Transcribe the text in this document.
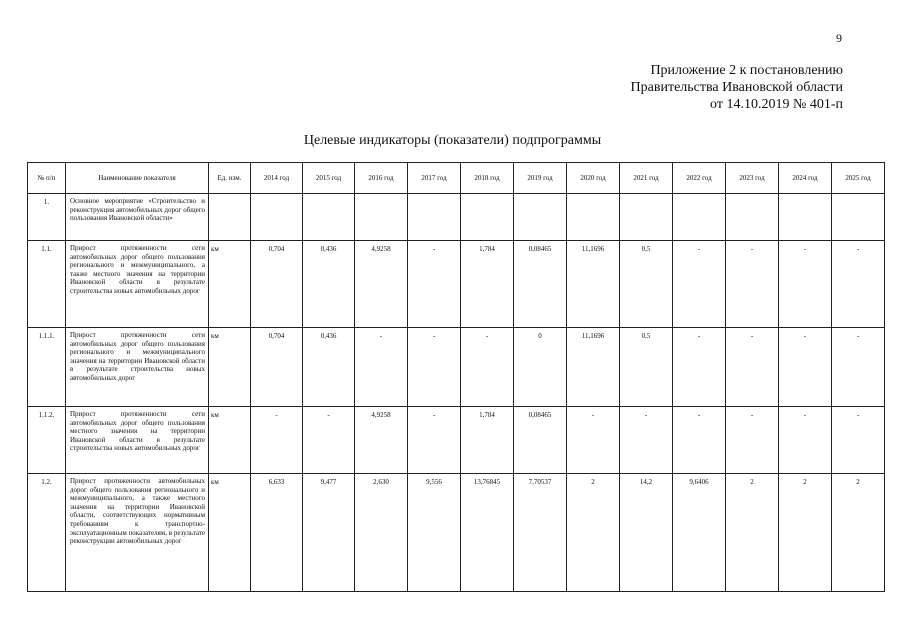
9
Приложение 2 к постановлению
Правительства Ивановской области
от 14.10.2019 № 401-п
Целевые индикаторы (показатели) подпрограммы
№ п/п	Наименование показателя	Ед. изм.	2014 год	2015 год	2016 год	2017 год	2018 год	2019 год	2020 год	2021 год	2022 год	2023 год	2024 год	2025 год
1.	Основное мероприятие «Строительство и реконструкция автомобильных дорог общего пользования Ивановской области»													
1.1.	Прирост протяженности сети автомобильных дорог общего пользования регионального и межмуниципального, а также местного значения на территории Ивановской области в результате строительства новых автомобильных дорог	км	0,704	0,436	4,9258	-	1,784	0,08465	11,1696	0,5	-	-	-	-
1.1.1.	Прирост протяженности сети автомобильных дорог общего пользования регионального и межмуниципального значения на территории Ивановской области в результате строительства новых автомобильных дорог	км	0,704	0,436	-	-	-	0	11,1696	0,5	-	-	-	-
1.1.2.	Прирост протяженности сети автомобильных дорог общего пользования местного значения на территории Ивановской области в результате строительства новых автомобильных дорог	км	-	-	4,9258	-	1,784	0,08465	-	-	-	-	-	-
1.2.	Прирост протяженности автомобильных дорог общего пользования регионального и межмуниципального, а также местного значения на территории Ивановской области, соответствующих нормативным требованиям к транспортно-эксплуатационным показателям, в результате реконструкции автомобильных дорог	км	6,633	9,477	2,630	9,556	13,76845	7,70537	2	14,2	9,6406	2	2	2
